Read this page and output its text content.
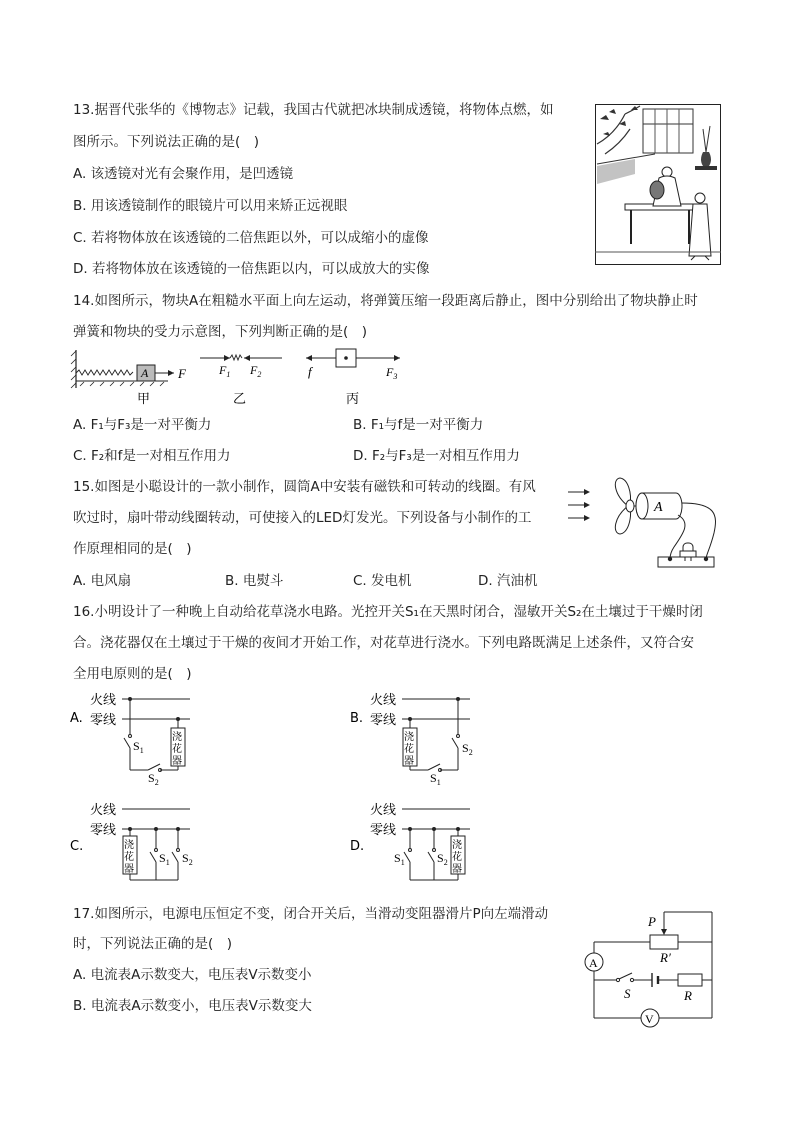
13.据晋代张华的《博物志》记载，我国古代就把冰块制成透镜，将物体点燃，如
图所示。下列说法正确的是(　)
A. 该透镜对光有会聚作用，是凹透镜
B. 用该透镜制作的眼镜片可以用来矫正远视眼
C. 若将物体放在该透镜的二倍焦距以外，可以成缩小的虚像
D. 若将物体放在该透镜的一倍焦距以内，可以成放大的实像
14.如图所示，物块A在粗糙水平面上向左运动，将弹簧压缩一段距离后静止，图中分别给出了物块静止时
弹簧和物块的受力示意图，下列判断正确的是(　)
A F
甲
$F_1$ $F_2$
乙
f	$F_3$
丙
A. F₁与F₃是一对平衡力	B. F₁与f是一对平衡力
C. F₂和f是一对相互作用力	D. F₂与F₃是一对相互作用力
15.如图是小聪设计的一款小制作，圆筒A中安装有磁铁和可转动的线圈。有风
吹过时，扇叶带动线圈转动，可使接入的LED灯发光。下列设备与小制作的工
作原理相同的是(　)
A
A. 电风扇	B. 电熨斗	C. 发电机	D. 汽油机
16.小明设计了一种晚上自动给花草浇水电路。光控开关S₁在天黑时闭合，湿敏开关S₂在土壤过于干燥时闭
合。浇花器仅在土壤过于干燥的夜间才开始工作，对花草进行浇水。下列电路既满足上述条件，又符合安
全用电原则的是(　)
A.
火线
零线
$S_1$
$S_2$
浇
花
器
B.
火线
零线
浇
花
器
$S_1$
$S_2$
C.
火线
零线
浇
花
器
$S_1$ $S_2$
D.
火线
零线
$S_1$	$S_2$
浇
花
器
17.如图所示，电源电压恒定不变，闭合开关后，当滑动变阻器滑片P向左端滑动
时，下列说法正确的是(　)
A. 电流表A示数变大，电压表V示数变小
B. 电流表A示数变小，电压表V示数变大
P
R′
A
S	R
V
